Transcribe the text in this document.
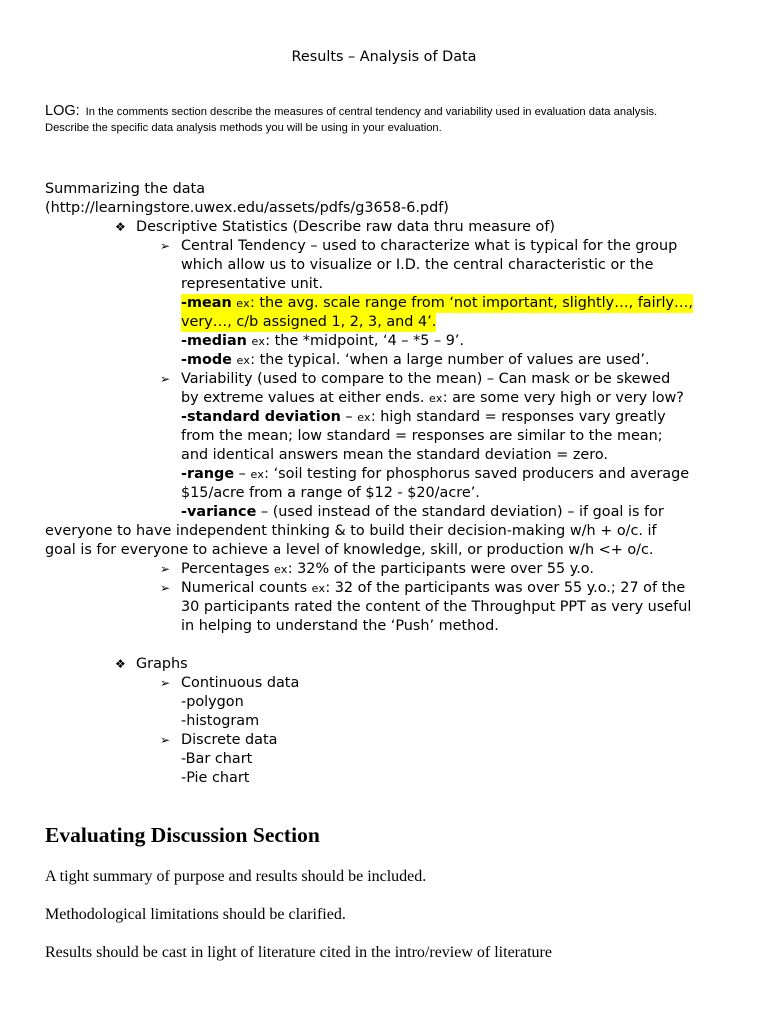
Results – Analysis of Data
LOG: In the comments section describe the measures of central tendency and variability used in evaluation data analysis.
Describe the specific data analysis methods you will be using in your evaluation.
Summarizing the data
(http://learningstore.uwex.edu/assets/pdfs/g3658-6.pdf)
❖ Descriptive Statistics (Describe raw data thru measure of)
➢ Central Tendency – used to characterize what is typical for the group
which allow us to visualize or I.D. the central characteristic or the
representative unit.
-mean ex: the avg. scale range from ‘not important, slightly…, fairly…,
very…, c/b assigned 1, 2, 3, and 4’.
-median ex: the *midpoint, ‘4 – *5 – 9’.
-mode ex: the typical. ‘when a large number of values are used’.
➢ Variability (used to compare to the mean) – Can mask or be skewed
by extreme values at either ends. ex: are some very high or very low?
-standard deviation – ex: high standard = responses vary greatly
from the mean; low standard = responses are similar to the mean;
and identical answers mean the standard deviation = zero.
-range – ex: ‘soil testing for phosphorus saved producers and average
$15/acre from a range of $12 - $20/acre’.
-variance – (used instead of the standard deviation) – if goal is for
everyone to have independent thinking & to build their decision-making w/h + o/c. if
goal is for everyone to achieve a level of knowledge, skill, or production w/h <+ o/c.
➢ Percentages ex: 32% of the participants were over 55 y.o.
➢ Numerical counts ex: 32 of the participants was over 55 y.o.; 27 of the
30 participants rated the content of the Throughput PPT as very useful
in helping to understand the ‘Push’ method.
❖ Graphs
➢ Continuous data
-polygon
-histogram
➢ Discrete data
-Bar chart
-Pie chart
Evaluating Discussion Section
A tight summary of purpose and results should be included.
Methodological limitations should be clarified.
Results should be cast in light of literature cited in the intro/review of literature
